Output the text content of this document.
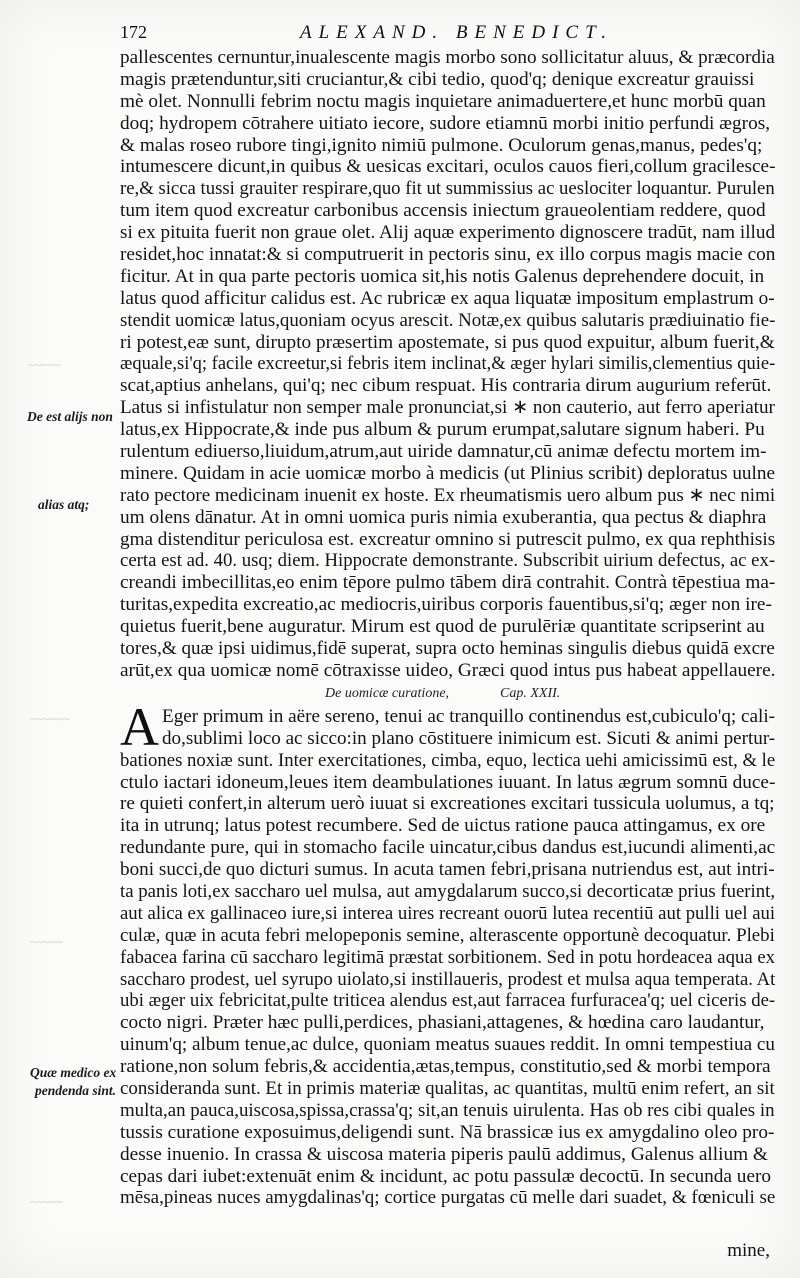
172	ALEXAND. BENEDICT.
~~~~~
~~~~~~
~~~~~
~~~~~
De est alijs non
alias atq;
Quæ medico ex
pendenda sint.
pallescentes cernuntur,inualescente magis morbo sono sollicitatur aluus, & præcordia
magis prætenduntur,siti cruciantur,& cibi tedio, quod'q; denique excreatur grauissi
mè olet. Nonnulli febrim noctu magis inquietare animaduertere,et hunc morbū quan
doq; hydropem cōtrahere uitiato iecore, sudore etiamnū morbi initio perfundi ægros,
& malas roseo rubore tingi,ignito nimiū pulmone. Oculorum genas,manus, pedes'q;
intumescere dicunt,in quibus & uesicas excitari, oculos cauos fieri,collum gracilesce-
re,& sicca tussi grauiter respirare,quo fit ut summissius ac ueslociter loquantur. Purulen
tum item quod excreatur carbonibus accensis iniectum graueolentiam reddere, quod
si ex pituita fuerit non graue olet. Alij aquæ experimento dignoscere tradūt, nam illud
residet,hoc innatat:& si computruerit in pectoris sinu, ex illo corpus magis macie con
ficitur. At in qua parte pectoris uomica sit,his notis Galenus deprehendere docuit, in
latus quod afficitur calidus est. Ac rubricæ ex aqua liquatæ impositum emplastrum o-
stendit uomicæ latus,quoniam ocyus arescit. Notæ,ex quibus salutaris prædiuinatio fie-
ri potest,eæ sunt, dirupto præsertim apostemate, si pus quod expuitur, album fuerit,&
æquale,si'q; facile excreetur,si febris item inclinat,& æger hylari similis,clementius quie-
scat,aptius anhelans, qui'q; nec cibum respuat. His contraria dirum augurium referūt.
Latus si infistulatur non semper male pronunciat,si ∗ non cauterio, aut ferro aperiatur
latus,ex Hippocrate,& inde pus album & purum erumpat,salutare signum haberi. Pu
rulentum ediuerso,liuidum,atrum,aut uiride damnatur,cū animæ defectu mortem im-
minere. Quidam in acie uomicæ morbo à medicis (ut Plinius scribit) deploratus uulne
rato pectore medicinam inuenit ex hoste. Ex rheumatismis uero album pus ∗ nec nimi
um olens dānatur. At in omni uomica puris nimia exuberantia, qua pectus & diaphra
gma distenditur periculosa est. excreatur omnino si putrescit pulmo, ex qua rephthisis
certa est ad. 40. usq; diem. Hippocrate demonstrante. Subscribit uirium defectus, ac ex-
creandi imbecillitas,eo enim tēpore pulmo tābem dirā contrahit. Contrà tēpestiua ma-
turitas,expedita excreatio,ac mediocris,uiribus corporis fauentibus,si'q; æger non ire-
quietus fuerit,bene auguratur. Mirum est quod de purulēriæ quantitate scripserint au
tores,& quæ ipsi uidimus,fidē superat, supra octo heminas singulis diebus quidā excre
arūt,ex qua uomicæ nomē cōtraxisse uideo, Græci quod intus pus habeat appellauere.
De uomicæ curatione,	Cap. XXII.
A Eger primum in aëre sereno, tenui ac tranquillo continendus est,cubiculo'q; cali-
do,sublimi loco ac sicco:in plano cōstituere inimicum est. Sicuti & animi pertur-
bationes noxiæ sunt. Inter exercitationes, cimba, equo, lectica uehi amicissimū est, & le
ctulo iactari idoneum,leues item deambulationes iuuant. In latus ægrum somnū duce-
re quieti confert,in alterum uerò iuuat si excreationes excitari tussicula uolumus, a tq;
ita in utrunq; latus potest recumbere. Sed de uictus ratione pauca attingamus, ex ore
redundante pure, qui in stomacho facile uincatur,cibus dandus est,iucundi alimenti,ac
boni succi,de quo dicturi sumus. In acuta tamen febri,prisana nutriendus est, aut intri-
ta panis loti,ex saccharo uel mulsa, aut amygdalarum succo,si decorticatæ prius fuerint,
aut alica ex gallinaceo iure,si interea uires recreant ouorū lutea recentiū aut pulli uel aui
culæ, quæ in acuta febri melopeponis semine, alterascente opportunè decoquatur. Plebi
fabacea farina cū saccharo legitimā præstat sorbitionem. Sed in potu hordeacea aqua ex
saccharo prodest, uel syrupo uiolato,si instillaueris, prodest et mulsa aqua temperata. At
ubi æger uix febricitat,pulte triticea alendus est,aut farracea furfuracea'q; uel ciceris de-
cocto nigri. Præter hæc pulli,perdices, phasiani,attagenes, & hœdina caro laudantur,
uinum'q; album tenue,ac dulce, quoniam meatus suaues reddit. In omni tempestiua cu
ratione,non solum febris,& accidentia,ætas,tempus, constitutio,sed & morbi tempora
consideranda sunt. Et in primis materiæ qualitas, ac quantitas, multū enim refert, an sit
multa,an pauca,uiscosa,spissa,crassa'q; sit,an tenuis uirulenta. Has ob res cibi quales in
tussis curatione exposuimus,deligendi sunt. Nā brassicæ ius ex amygdalino oleo pro-
desse inuenio. In crassa & uiscosa materia piperis paulū addimus, Galenus allium &
cepas dari iubet:extenuāt enim & incidunt, ac potu passulæ decoctū. In secunda uero
mēsa,pineas nuces amygdalinas'q; cortice purgatas cū melle dari suadet, & fœniculi se
mine,
